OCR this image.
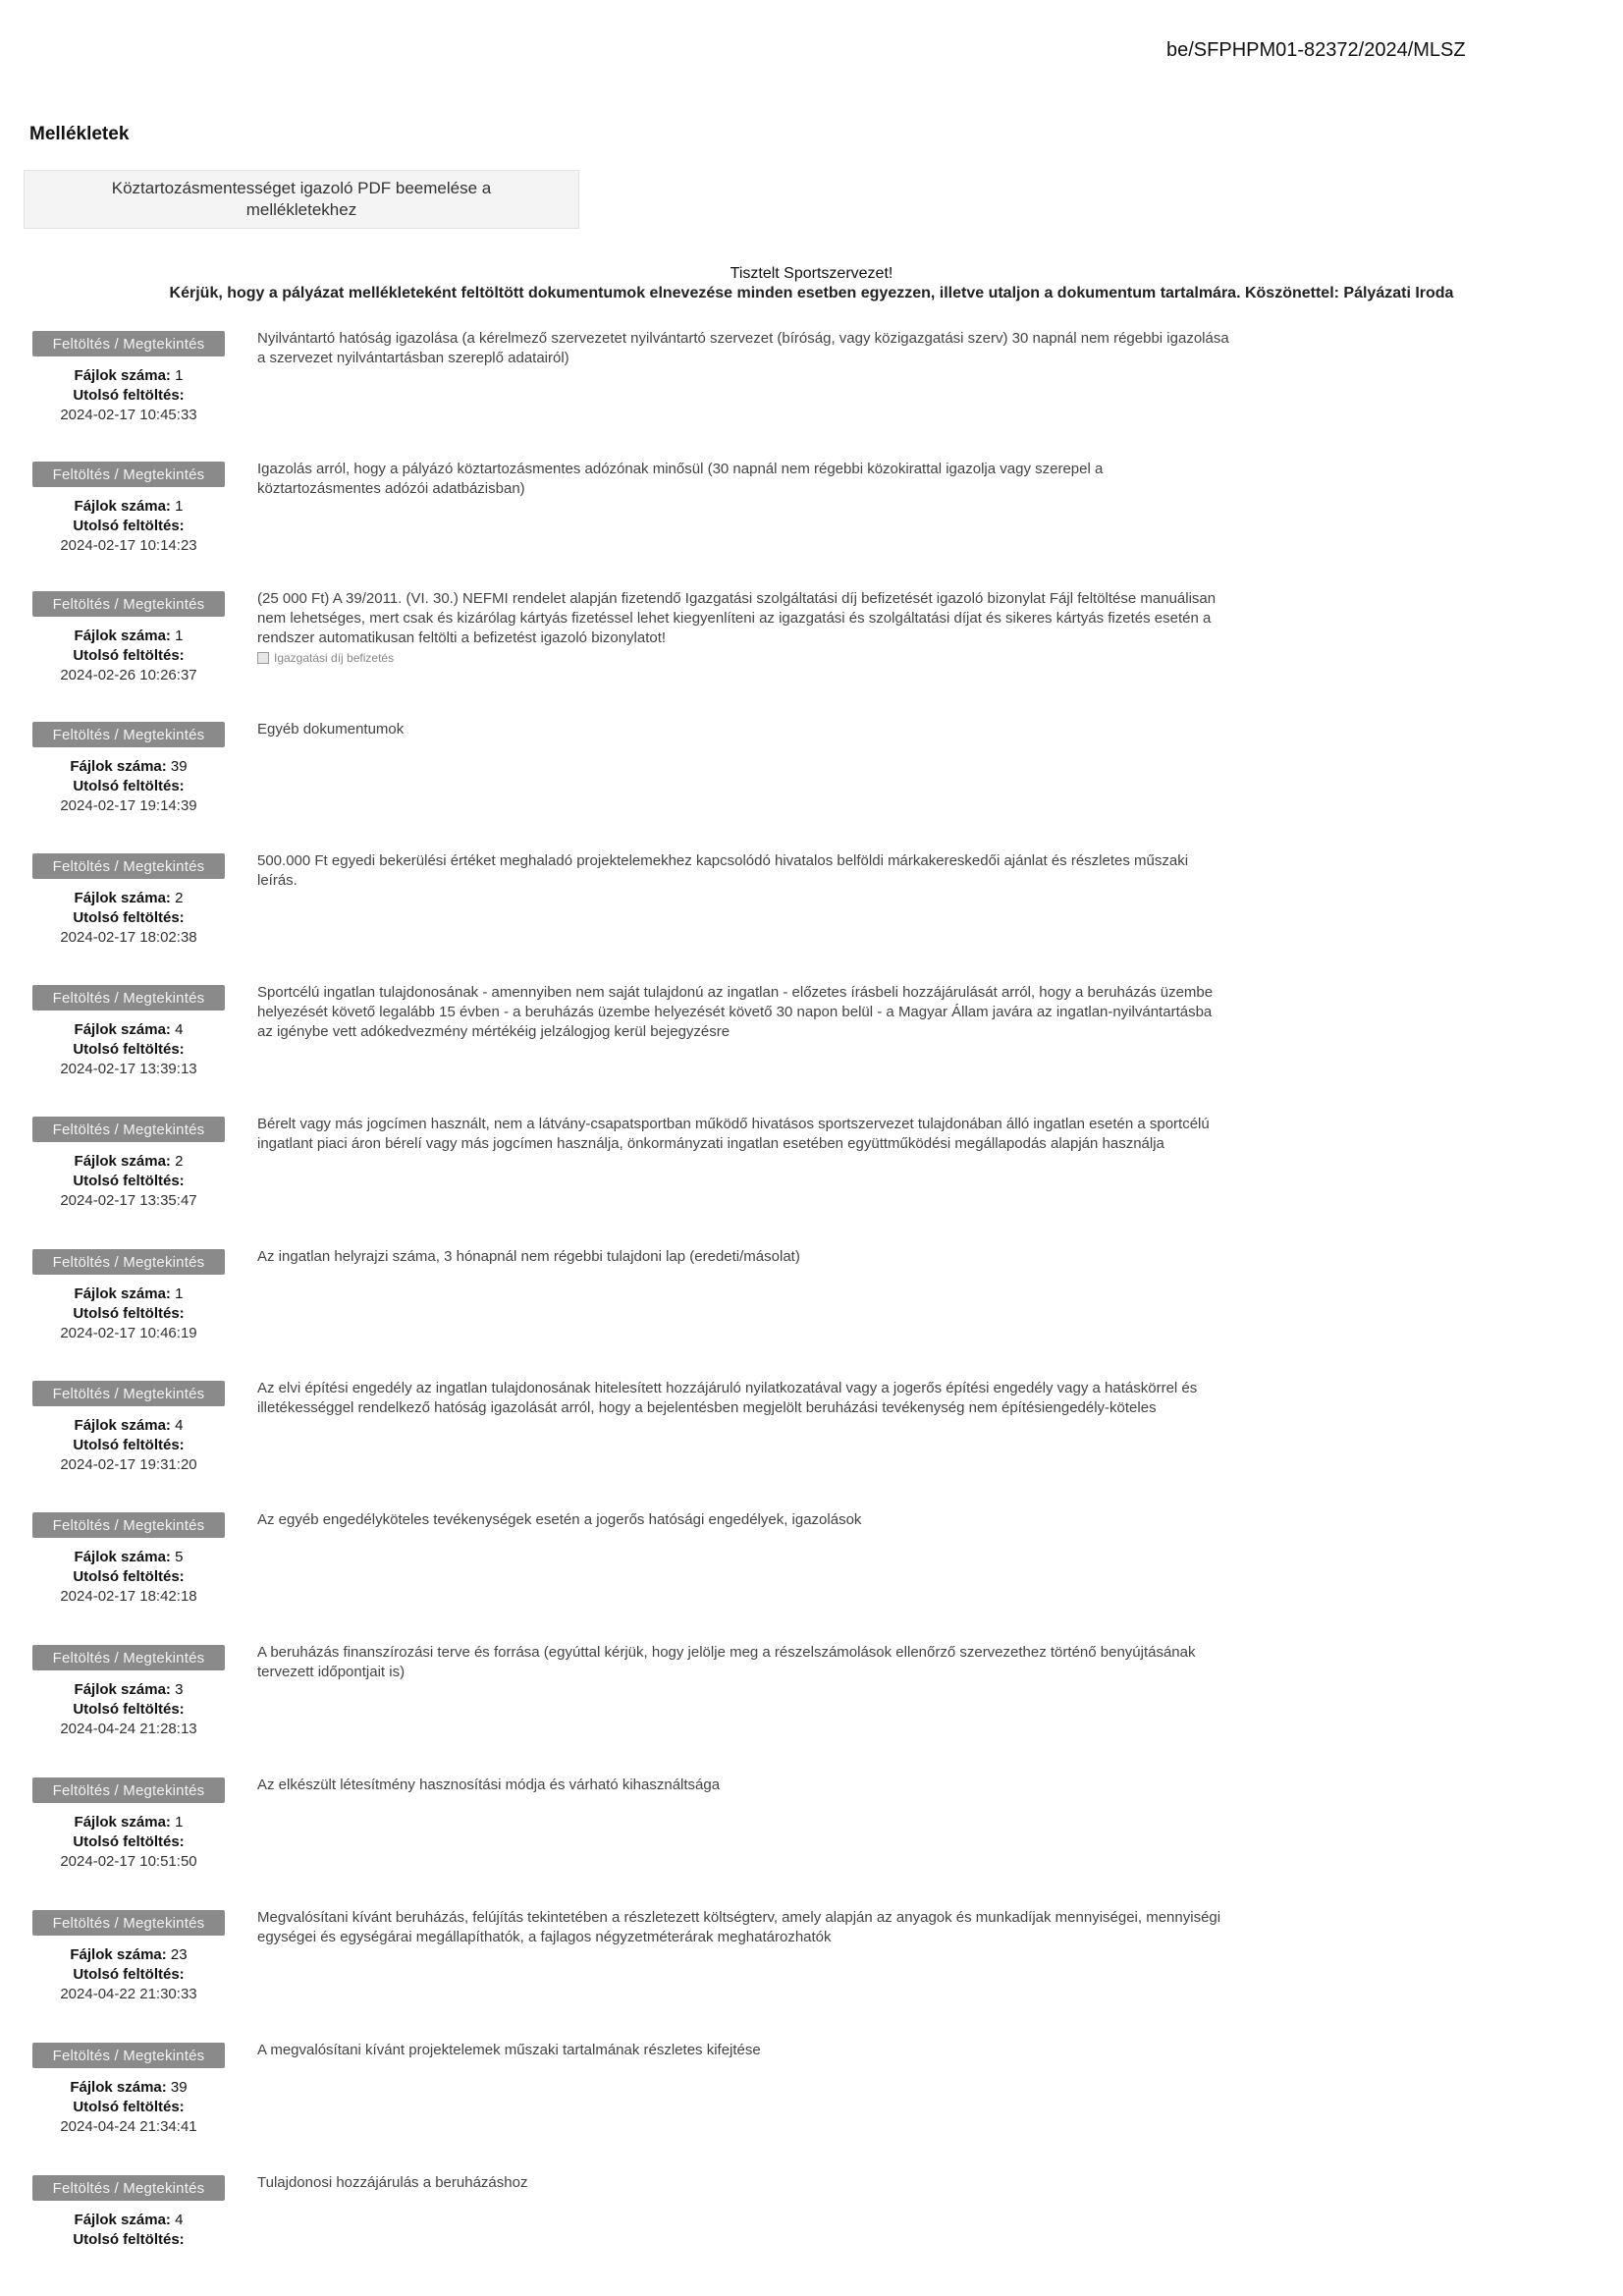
be/SFPHPM01-82372/2024/MLSZ
Mellékletek
Köztartozásmentességet igazoló PDF beemelése a mellékletekhez
Tisztelt Sportszervezet!
Kérjük, hogy a pályázat mellékleteként feltöltött dokumentumok elnevezése minden esetben egyezzen, illetve utaljon a dokumentum tartalmára. Köszönettel: Pályázati Iroda
Feltöltés / Megtekintés
Fájlok száma: 1
Utolsó feltöltés:
2024-02-17 10:45:33
Nyilvántartó hatóság igazolása (a kérelmező szervezetet nyilvántartó szervezet (bíróság, vagy közigazgatási szerv) 30 napnál nem régebbi igazolása a szervezet nyilvántartásban szereplő adatairól)
Feltöltés / Megtekintés
Fájlok száma: 1
Utolsó feltöltés:
2024-02-17 10:14:23
Igazolás arról, hogy a pályázó köztartozásmentes adózónak minősül (30 napnál nem régebbi közokirattal igazolja vagy szerepel a köztartozásmentes adózói adatbázisban)
Feltöltés / Megtekintés
Fájlok száma: 1
Utolsó feltöltés:
2024-02-26 10:26:37
(25 000 Ft) A 39/2011. (VI. 30.) NEFMI rendelet alapján fizetendő Igazgatási szolgáltatási díj befizetését igazoló bizonylat Fájl feltöltése manuálisan nem lehetséges, mert csak és kizárólag kártyás fizetéssel lehet kiegyenlíteni az igazgatási és szolgáltatási díjat és sikeres kártyás fizetés esetén a rendszer automatikusan feltölti a befizetést igazoló bizonylatot!
Igazgatási díj befizetés
Feltöltés / Megtekintés
Fájlok száma: 39
Utolsó feltöltés:
2024-02-17 19:14:39
Egyéb dokumentumok
Feltöltés / Megtekintés
Fájlok száma: 2
Utolsó feltöltés:
2024-02-17 18:02:38
500.000 Ft egyedi bekerülési értéket meghaladó projektelemekhez kapcsolódó hivatalos belföldi márkakereskedői ajánlat és részletes műszaki leírás.
Feltöltés / Megtekintés
Fájlok száma: 4
Utolsó feltöltés:
2024-02-17 13:39:13
Sportcélú ingatlan tulajdonosának - amennyiben nem saját tulajdonú az ingatlan - előzetes írásbeli hozzájárulását arról, hogy a beruházás üzembe helyezését követő legalább 15 évben - a beruházás üzembe helyezését követő 30 napon belül - a Magyar Állam javára az ingatlan-nyilvántartásba az igénybe vett adókedvezmény mértékéig jelzálogjog kerül bejegyzésre
Feltöltés / Megtekintés
Fájlok száma: 2
Utolsó feltöltés:
2024-02-17 13:35:47
Bérelt vagy más jogcímen használt, nem a látvány-csapatsportban működő hivatásos sportszervezet tulajdonában álló ingatlan esetén a sportcélú ingatlant piaci áron bérelí vagy más jogcímen használja, önkormányzati ingatlan esetében együttműködési megállapodás alapján használja
Feltöltés / Megtekintés
Fájlok száma: 1
Utolsó feltöltés:
2024-02-17 10:46:19
Az ingatlan helyrajzi száma, 3 hónapnál nem régebbi tulajdoni lap (eredeti/másolat)
Feltöltés / Megtekintés
Fájlok száma: 4
Utolsó feltöltés:
2024-02-17 19:31:20
Az elvi építési engedély az ingatlan tulajdonosának hitelesített hozzájáruló nyilatkozatával vagy a jogerős építési engedély vagy a hatáskörrel és illetékességgel rendelkező hatóság igazolását arról, hogy a bejelentésben megjelölt beruházási tevékenység nem építésiengedély-köteles
Feltöltés / Megtekintés
Fájlok száma: 5
Utolsó feltöltés:
2024-02-17 18:42:18
Az egyéb engedélyköteles tevékenységek esetén a jogerős hatósági engedélyek, igazolások
Feltöltés / Megtekintés
Fájlok száma: 3
Utolsó feltöltés:
2024-04-24 21:28:13
A beruházás finanszírozási terve és forrása (egyúttal kérjük, hogy jelölje meg a részelszámolások ellenőrző szervezethez történő benyújtásának tervezett időpontjait is)
Feltöltés / Megtekintés
Fájlok száma: 1
Utolsó feltöltés:
2024-02-17 10:51:50
Az elkészült létesítmény hasznosítási módja és várható kihasználtsága
Feltöltés / Megtekintés
Fájlok száma: 23
Utolsó feltöltés:
2024-04-22 21:30:33
Megvalósítani kívánt beruházás, felújítás tekintetében a részletezett költségterv, amely alapján az anyagok és munkadíjak mennyiségei, mennyiségi egységei és egységárai megállapíthatók, a fajlagos négyzetméterárak meghatározhatók
Feltöltés / Megtekintés
Fájlok száma: 39
Utolsó feltöltés:
2024-04-24 21:34:41
A megvalósítani kívánt projektelemek műszaki tartalmának részletes kifejtése
Feltöltés / Megtekintés
Fájlok száma: 4
Utolsó feltöltés:
Tulajdonosi hozzájárulás a beruházáshoz
